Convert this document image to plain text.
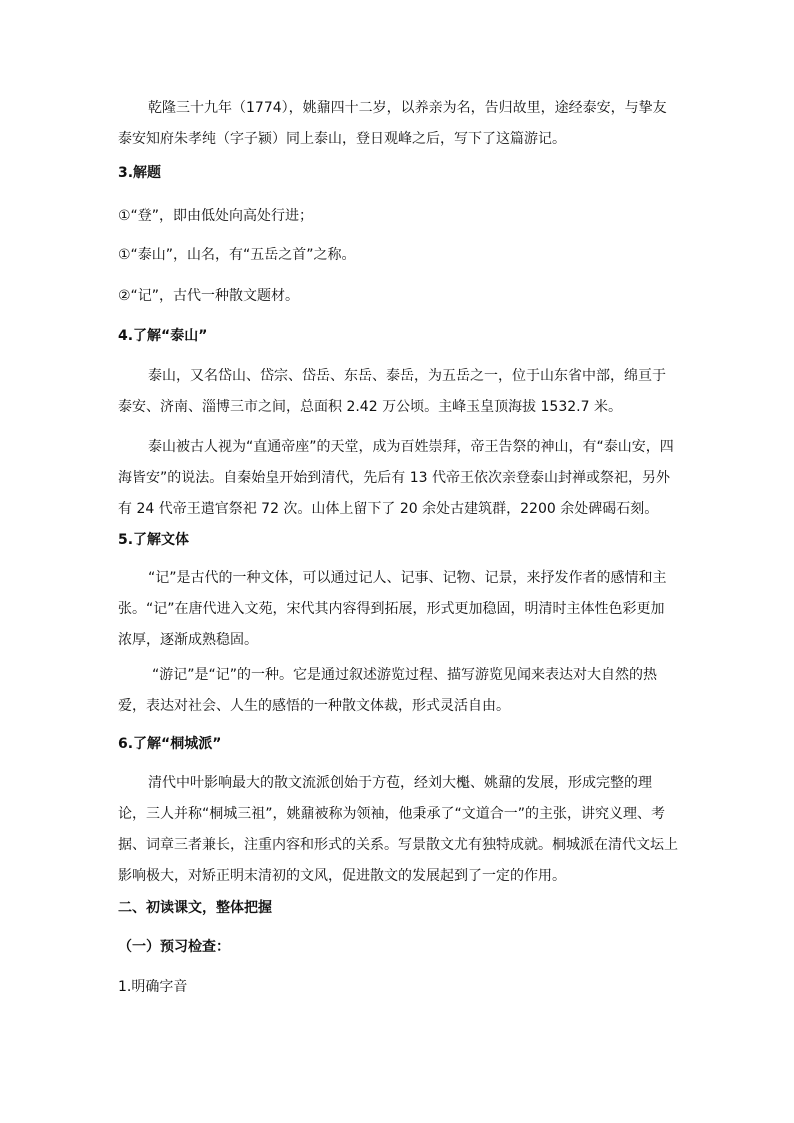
乾隆三十九年（1774），姚鼐四十二岁，以养亲为名，告归故里，途经泰安，与挚友泰安知府朱孝纯（字子颍）同上泰山，登日观峰之后，写下了这篇游记。

3.解题

①“登”，即由低处向高处行进；

①“泰山”，山名，有“五岳之首”之称。

②“记”，古代一种散文题材。

4.了解“泰山”

泰山，又名岱山、岱宗、岱岳、东岳、泰岳，为五岳之一，位于山东省中部，绵亘于泰安、济南、淄博三市之间，总面积 2.42 万公顷。主峰玉皇顶海拔 1532.7 米。

泰山被古人视为“直通帝座”的天堂，成为百姓崇拜，帝王告祭的神山，有“泰山安，四海皆安”的说法。自秦始皇开始到清代，先后有 13 代帝王依次亲登泰山封禅或祭祀，另外有 24 代帝王遣官祭祀 72 次。山体上留下了 20 余处古建筑群，2200 余处碑碣石刻。

5.了解文体

“记”是古代的一种文体，可以通过记人、记事、记物、记景，来抒发作者的感情和主张。“记”在唐代进入文苑，宋代其内容得到拓展，形式更加稳固，明清时主体性色彩更加浓厚，逐渐成熟稳固。

“游记”是“记”的一种。它是通过叙述游览过程、描写游览见闻来表达对大自然的热爱，表达对社会、人生的感悟的一种散文体裁，形式灵活自由。

6.了解“桐城派”

清代中叶影响最大的散文流派创始于方苞，经刘大櫆、姚鼐的发展，形成完整的理论，三人并称“桐城三祖”，姚鼐被称为领袖，他秉承了“文道合一”的主张，讲究义理、考据、词章三者兼长，注重内容和形式的关系。写景散文尤有独特成就。桐城派在清代文坛上影响极大，对矫正明末清初的文风，促进散文的发展起到了一定的作用。

二、初读课文，整体把握

（一）预习检查：

1.明确字音
